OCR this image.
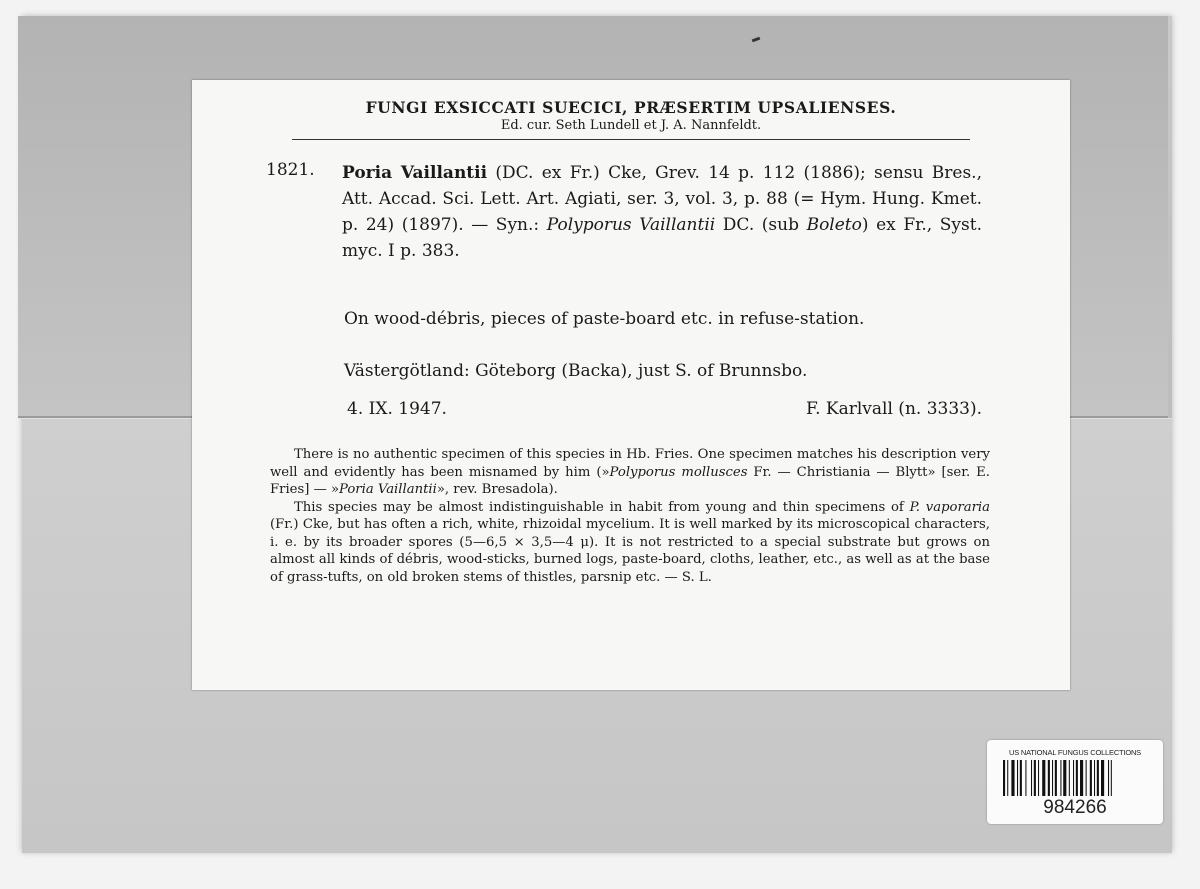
FUNGI EXSICCATI SUECICI, PRÆSERTIM UPSALIENSES.
Ed. cur. Seth Lundell et J. A. Nannfeldt.
1821. Poria Vaillantii (DC. ex Fr.) Cke, Grev. 14 p. 112 (1886); sensu Bres., Att. Accad. Sci. Lett. Art. Agiati, ser. 3, vol. 3, p. 88 (= Hym. Hung. Kmet. p. 24) (1897). — Syn.: Polyporus Vaillantii DC. (sub Boleto) ex Fr., Syst. myc. I p. 383.
On wood-débris, pieces of paste-board etc. in refuse-station.
Västergötland: Göteborg (Backa), just S. of Brunnsbo.
4. IX. 1947.	F. Karlvall (n. 3333).

There is no authentic specimen of this species in Hb. Fries. One specimen matches his description very well and evidently has been misnamed by him (»Polyporus mollusces Fr. — Christiania — Blytt» [ser. E. Fries] — »Poria Vaillantii», rev. Bresadola).

This species may be almost indistinguishable in habit from young and thin specimens of P. vaporaria (Fr.) Cke, but has often a rich, white, rhizoidal mycelium. It is well marked by its microscopical characters, i. e. by its broader spores (5—6,5 × 3,5—4 μ). It is not restricted to a special substrate but grows on almost all kinds of débris, wood-sticks, burned logs, paste-board, cloths, leather, etc., as well as at the base of grass-tufts, on old broken stems of thistles, parsnip etc. — S. L.

US NATIONAL FUNGUS COLLECTIONS
984266
